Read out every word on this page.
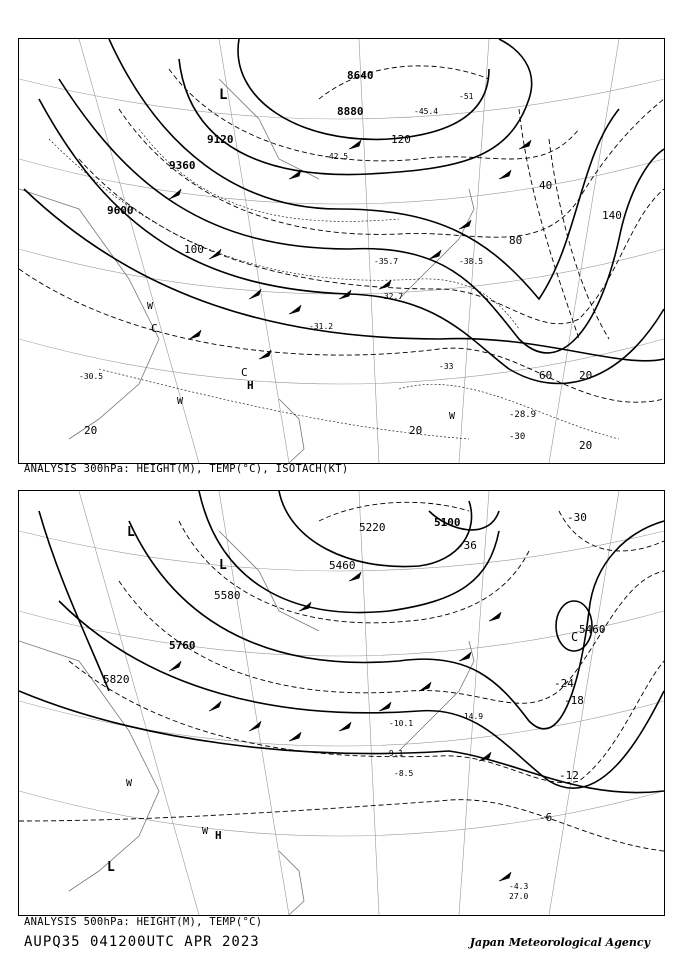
9600
9120
8880
8640
9360
20
40
60
80
100
120
140
20	20
20
-28.9
-30
-32.7
-31.2
-30.5
-35.7	-38.5
-42.5
-45.4
-51
-33
L
H
C
C
W
W
W
ANALYSIS 300hPa: HEIGHT(M), TEMP(°C), ISOTACH(KT)
5100
5220
5460
5580
5760
5820
5460
-30
-36
-24
-18
-12
-6
-8.5
-9.1
-10.1
-14.9
-4.3
27.0
L
L
L
H
C
W
W
ANALYSIS 500hPa: HEIGHT(M), TEMP(°C)
AUPQ35 041200UTC APR 2023	Japan Meteorological Agency
